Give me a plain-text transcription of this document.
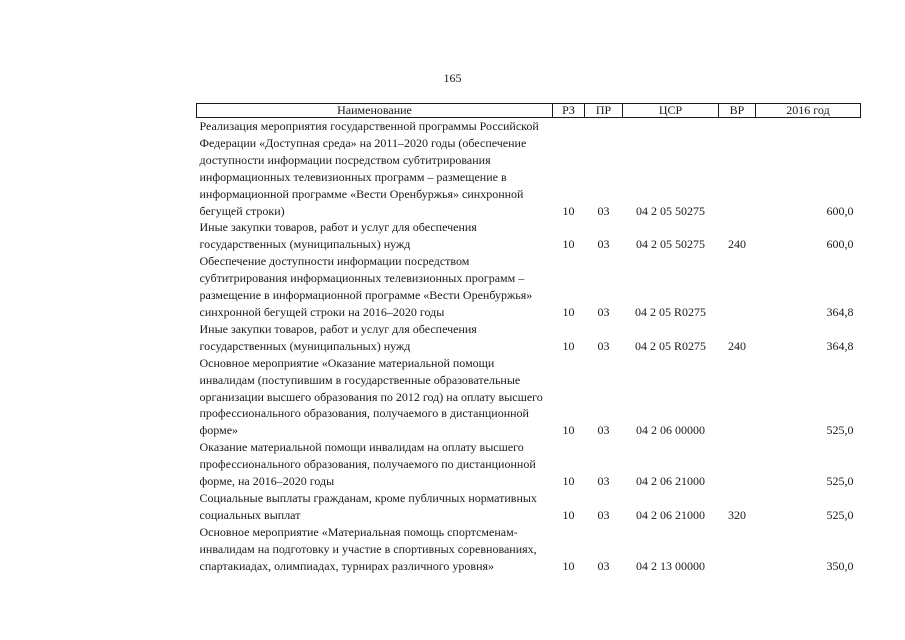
165
Наименование	РЗ	ПР	ЦСР	ВР	2016 год
Реализация мероприятия государственной программы Российской Федерации «Доступная среда» на 2011–2020 годы (обеспечение доступности информации посредством субтитрирования информационных телевизионных программ – размещение в информационной программе «Вести Оренбуржья» синхронной бегущей строки)	10	03	04 2 05 50275		600,0
Иные закупки товаров, работ и услуг для обеспечения государственных (муниципальных) нужд	10	03	04 2 05 50275	240	600,0
Обеспечение доступности информации посредством субтитрирования информационных телевизионных программ – размещение в информационной программе «Вести Оренбуржья» синхронной бегущей строки на 2016–2020 годы	10	03	04 2 05 R0275		364,8
Иные закупки товаров, работ и услуг для обеспечения государственных (муниципальных) нужд	10	03	04 2 05 R0275	240	364,8
Основное мероприятие «Оказание материальной помощи инвалидам (поступившим в государственные образовательные организации высшего образования по 2012 год) на оплату высшего профессионального образования, получаемого в дистанционной форме»	10	03	04 2 06 00000		525,0
Оказание материальной помощи инвалидам на оплату высшего профессионального образования, получаемого по дистанционной форме, на 2016–2020 годы	10	03	04 2 06 21000		525,0
Социальные выплаты гражданам, кроме публичных нормативных социальных выплат	10	03	04 2 06 21000	320	525,0
Основное мероприятие «Материальная помощь спортсменам-инвалидам на подготовку и участие в спортивных соревнованиях, спартакиадах, олимпиадах, турнирах различного уровня»	10	03	04 2 13 00000		350,0
